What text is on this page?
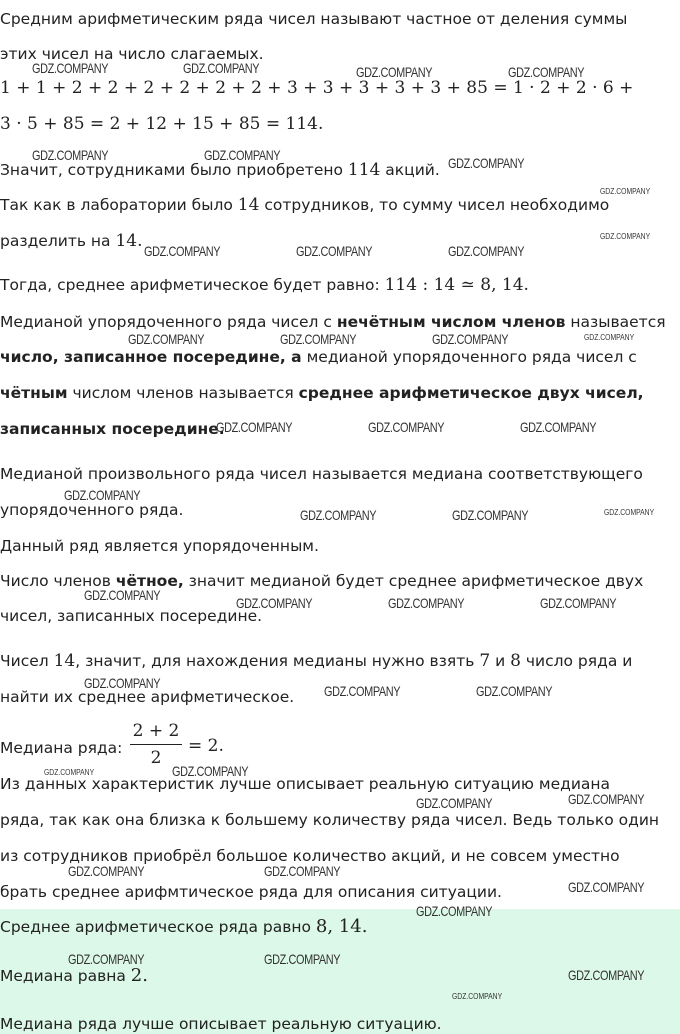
Средним арифметическим ряда чисел называют частное от деления суммы
этих чисел на число слагаемых.
1 + 1 + 2 + 2 + 2 + 2 + 2 + 2 + 3 + 3 + 3 + 3 + 3 + 85 = 1 · 2 + 2 · 6 +
3 · 5 + 85 = 2 + 12 + 15 + 85 = 114.
Значит, сотрудниками было приобретено 114 акций.
Так как в лаборатории было 14 сотрудников, то сумму чисел необходимо
разделить на 14.
Тогда, среднее арифметическое будет равно: 114 : 14 ≃ 8, 14.
Медианой упорядоченного ряда чисел с нечётным числом членов называется
число, записанное посередине, а медианой упорядоченного ряда чисел с
чётным числом членов называется среднее арифметическое двух чисел,
записанных посередине.
Медианой произвольного ряда чисел называется медиана соответствующего
упорядоченного ряда.
Данный ряд является упорядоченным.
Число членов чётное, значит медианой будет среднее арифметическое двух
чисел, записанных посередине.
Чисел 14, значит, для нахождения медианы нужно взять 7 и 8 число ряда и
найти их среднее арифметическое.
Медиана ряда:
2 + 2
2
= 2.
Из данных характеристик лучше описывает реальную ситуацию медиана
ряда, так как она близка к большему количеству ряда чисел. Ведь только один
из сотрудников приобрёл большое количество акций, и не совсем уместно
брать среднее арифмтическое ряда для описания ситуации.
Среднее арифметическое ряда равно 8, 14.
Медиана равна 2.
Медиана ряда лучше описывает реальную ситуацию.
GDZ.COMPANY	GDZ.COMPANY	GDZ.COMPANY	GDZ.COMPANY
GDZ.COMPANY	GDZ.COMPANY	GDZ.COMPANY
GDZ.COMPANY
GDZ.COMPANY
GDZ.COMPANY	GDZ.COMPANY	GDZ.COMPANY
GDZ.COMPANY	GDZ.COMPANY	GDZ.COMPANY	GDZ.COMPANY
GDZ.COMPANY	GDZ.COMPANY	GDZ.COMPANY
GDZ.COMPANY
GDZ.COMPANY	GDZ.COMPANY	GDZ.COMPANY
GDZ.COMPANY	GDZ.COMPANY	GDZ.COMPANY	GDZ.COMPANY
GDZ.COMPANY	GDZ.COMPANY	GDZ.COMPANY
GDZ.COMPANY	GDZ.COMPANY
GDZ.COMPANY	GDZ.COMPANY
GDZ.COMPANY	GDZ.COMPANY
GDZ.COMPANY
GDZ.COMPANY
GDZ.COMPANY	GDZ.COMPANY
GDZ.COMPANY
GDZ.COMPANY
